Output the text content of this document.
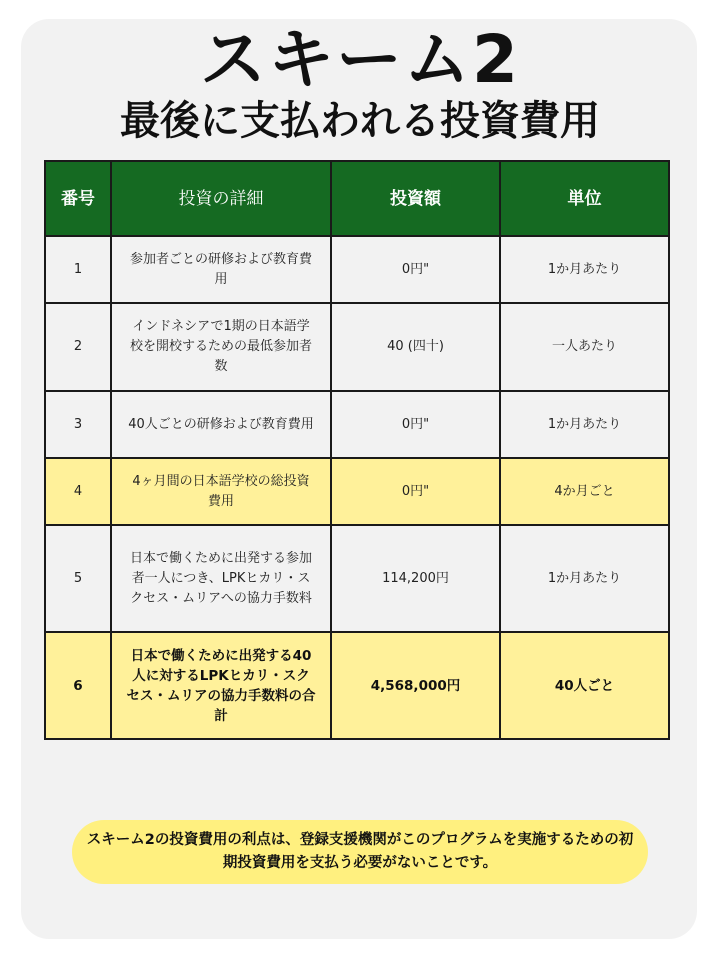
スキーム2
最後に支払われる投資費用
番号	投資の詳細	投資額	単位
1	参加者ごとの研修および教育費用	0円"	1か月あたり
2	インドネシアで1期の日本語学校を開校するための最低参加者数	40 (四十)	一人あたり
3	40人ごとの研修および教育費用	0円"	1か月あたり
4	4ヶ月間の日本語学校の総投資費用	0円"	4か月ごと
5	日本で働くために出発する参加者一人につき、LPKヒカリ・スクセス・ムリアへの協力手数料	114,200円	1か月あたり
6	日本で働くために出発する40人に対するLPKヒカリ・スクセス・ムリアの協力手数料の合計	4,568,000円	40人ごと
スキーム2の投資費用の利点は、登録支援機関がこのプログラムを実施するための初期投資費用を支払う必要がないことです。
